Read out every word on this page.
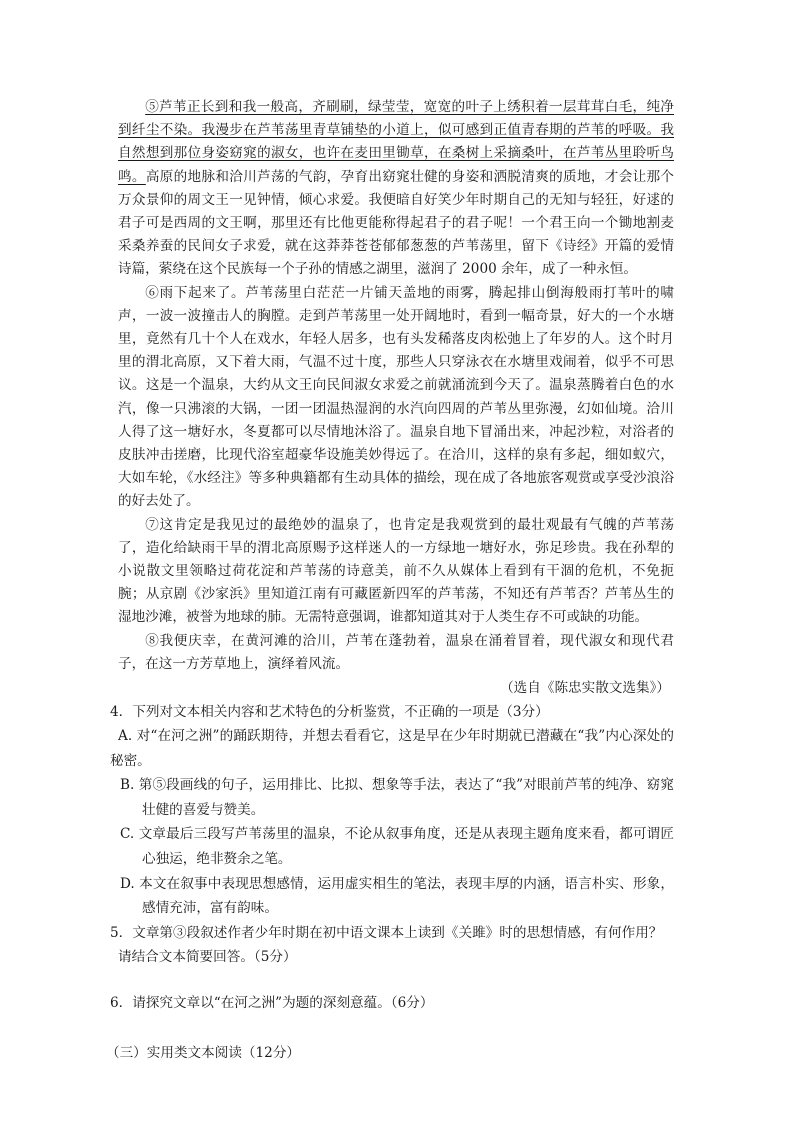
⑤芦苇正长到和我一般高，齐刷刷，绿莹莹，宽宽的叶子上绣积着一层茸茸白毛，纯净到纤尘不染。我漫步在芦苇荡里青草铺垫的小道上，似可感到正值青春期的芦苇的呼吸。我自然想到那位身姿窈窕的淑女，也许在麦田里锄草，在桑树上采摘桑叶，在芦苇丛里聆听鸟鸣。高原的地脉和洽川芦荡的气韵，孕育出窈窕壮健的身姿和洒脱清爽的质地，才会让那个万众景仰的周文王一见钟情，倾心求爱。我便暗自好笑少年时期自己的无知与轻狂，好逑的君子可是西周的文王啊，那里还有比他更能称得起君子的君子呢！一个君王向一个锄地割麦采桑养蚕的民间女子求爱，就在这莽莽苍苍郁郁葱葱的芦苇荡里，留下《诗经》开篇的爱情诗篇，萦绕在这个民族每一个子孙的情感之湖里，滋润了 2000 余年，成了一种永恒。

⑥雨下起来了。芦苇荡里白茫茫一片铺天盖地的雨雾，腾起排山倒海般雨打苇叶的啸声，一波一波撞击人的胸膛。走到芦苇荡里一处开阔地时，看到一幅奇景，好大的一个水塘里，竟然有几十个人在戏水，年轻人居多，也有头发稀落皮肉松弛上了年岁的人。这个时月里的渭北高原，又下着大雨，气温不过十度，那些人只穿泳衣在水塘里戏闹着，似乎不可思议。这是一个温泉，大约从文王向民间淑女求爱之前就涌流到今天了。温泉蒸腾着白色的水汽，像一只沸滚的大锅，一团一团温热湿润的水汽向四周的芦苇丛里弥漫，幻如仙境。洽川人得了这一塘好水，冬夏都可以尽情地沐浴了。温泉自地下冒涌出来，冲起沙粒，对浴者的皮肤冲击搓磨，比现代浴室超豪华设施美妙得远了。在洽川，这样的泉有多起，细如蚁穴，大如车轮，《水经注》等多种典籍都有生动具体的描绘，现在成了各地旅客观赏或享受沙浪浴的好去处了。

⑦这肯定是我见过的最绝妙的温泉了，也肯定是我观赏到的最壮观最有气魄的芦苇荡了，造化给缺雨干旱的渭北高原赐予这样迷人的一方绿地一塘好水，弥足珍贵。我在孙犁的小说散文里领略过荷花淀和芦苇荡的诗意美，前不久从媒体上看到有干涸的危机，不免扼腕；从京剧《沙家浜》里知道江南有可藏匿新四军的芦苇荡，不知还有芦苇否？芦苇丛生的湿地沙滩，被誉为地球的肺。无需特意强调，谁都知道其对于人类生存不可或缺的功能。

⑧我便庆幸，在黄河滩的洽川，芦苇在蓬勃着，温泉在涌着冒着，现代淑女和现代君子，在这一方芳草地上，演绎着风流。

（选自《陈忠实散文选集》）

4．下列对文本相关内容和艺术特色的分析鉴赏，不正确的一项是（3分）

A. 对“在河之洲”的踊跃期待，并想去看看它，这是早在少年时期就已潜藏在“我”内心深处的秘密。

B. 第⑤段画线的句子，运用排比、比拟、想象等手法，表达了“我”对眼前芦苇的纯净、窈窕壮健的喜爱与赞美。

C. 文章最后三段写芦苇荡里的温泉，不论从叙事角度，还是从表现主题角度来看，都可谓匠心独运，绝非赘余之笔。

D. 本文在叙事中表现思想感情，运用虚实相生的笔法，表现丰厚的内涵，语言朴实、形象，感情充沛，富有韵味。

5．文章第③段叙述作者少年时期在初中语文课本上读到《关雎》时的思想情感，有何作用？

请结合文本简要回答。（5分）

6．请探究文章以“在河之洲”为题的深刻意蕴。（6分）

（三）实用类文本阅读（12分）
